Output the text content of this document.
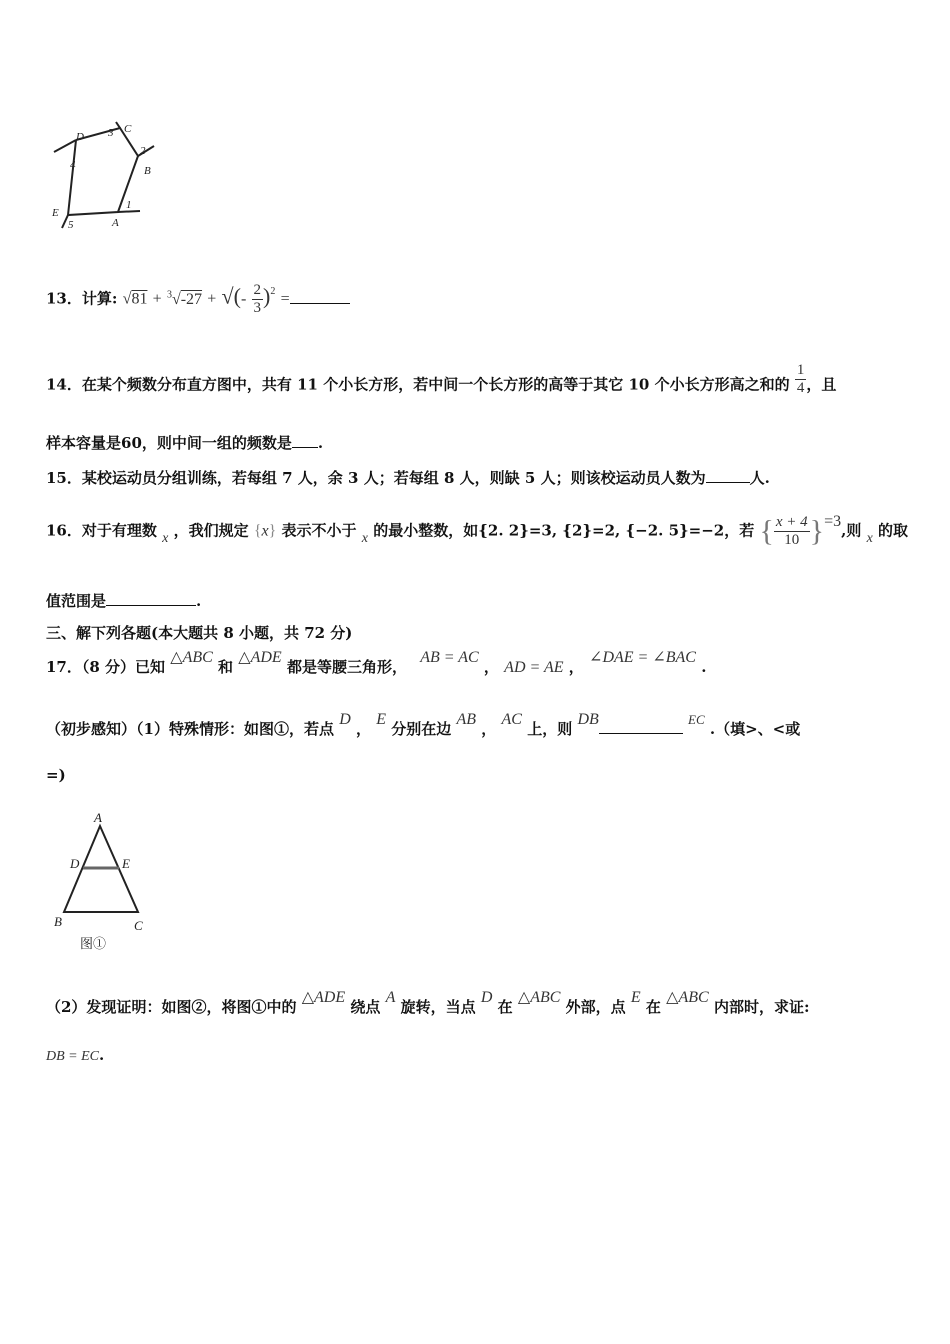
D 3 C
2
B
4
E
5
1
A
13．计算: √81 + $^3$√-27 + √(- $\frac{2}{3} )^2$ =
14．在某个频数分布直方图中，共有 11 个小长方形，若中间一个长方形的高等于其它 10 个小长方形高之和的 $\frac{1}{4}$ ，且
样本容量是60，则中间一组的频数是 .
15．某校运动员分组训练，若每组 7 人，余 3 人；若每组 8 人，则缺 5 人；则该校运动员人数为	人.
16．对于有理数 x ，我们规定 {x} 表示不小于 x 的最小整数，如{2. 2}=3, {2}=2, {−2. 5}=−2，若 { $\frac{x + 4}{10} \}=3$,则 x 的取
值范围是	.
三、解下列各题(本大题共 8 小题，共 72 分)
17．（8 分）已知 △ABC 和 △ADE 都是等腰三角形， AB = AC ， AD = AE ， ∠DAE = ∠BAC .
（初步感知）（1）特殊情形：如图①，若点 D ， E 分别在边 AB ， AC 上，则 DB	EC .（填>、<或
=)
A
D	E
B	C
图①
（2）发现证明：如图②，将图①中的 △ADE 绕点 A 旋转，当点 D 在 △ABC 外部，点 E 在 △ABC 内部时，求证:
DB = EC.
